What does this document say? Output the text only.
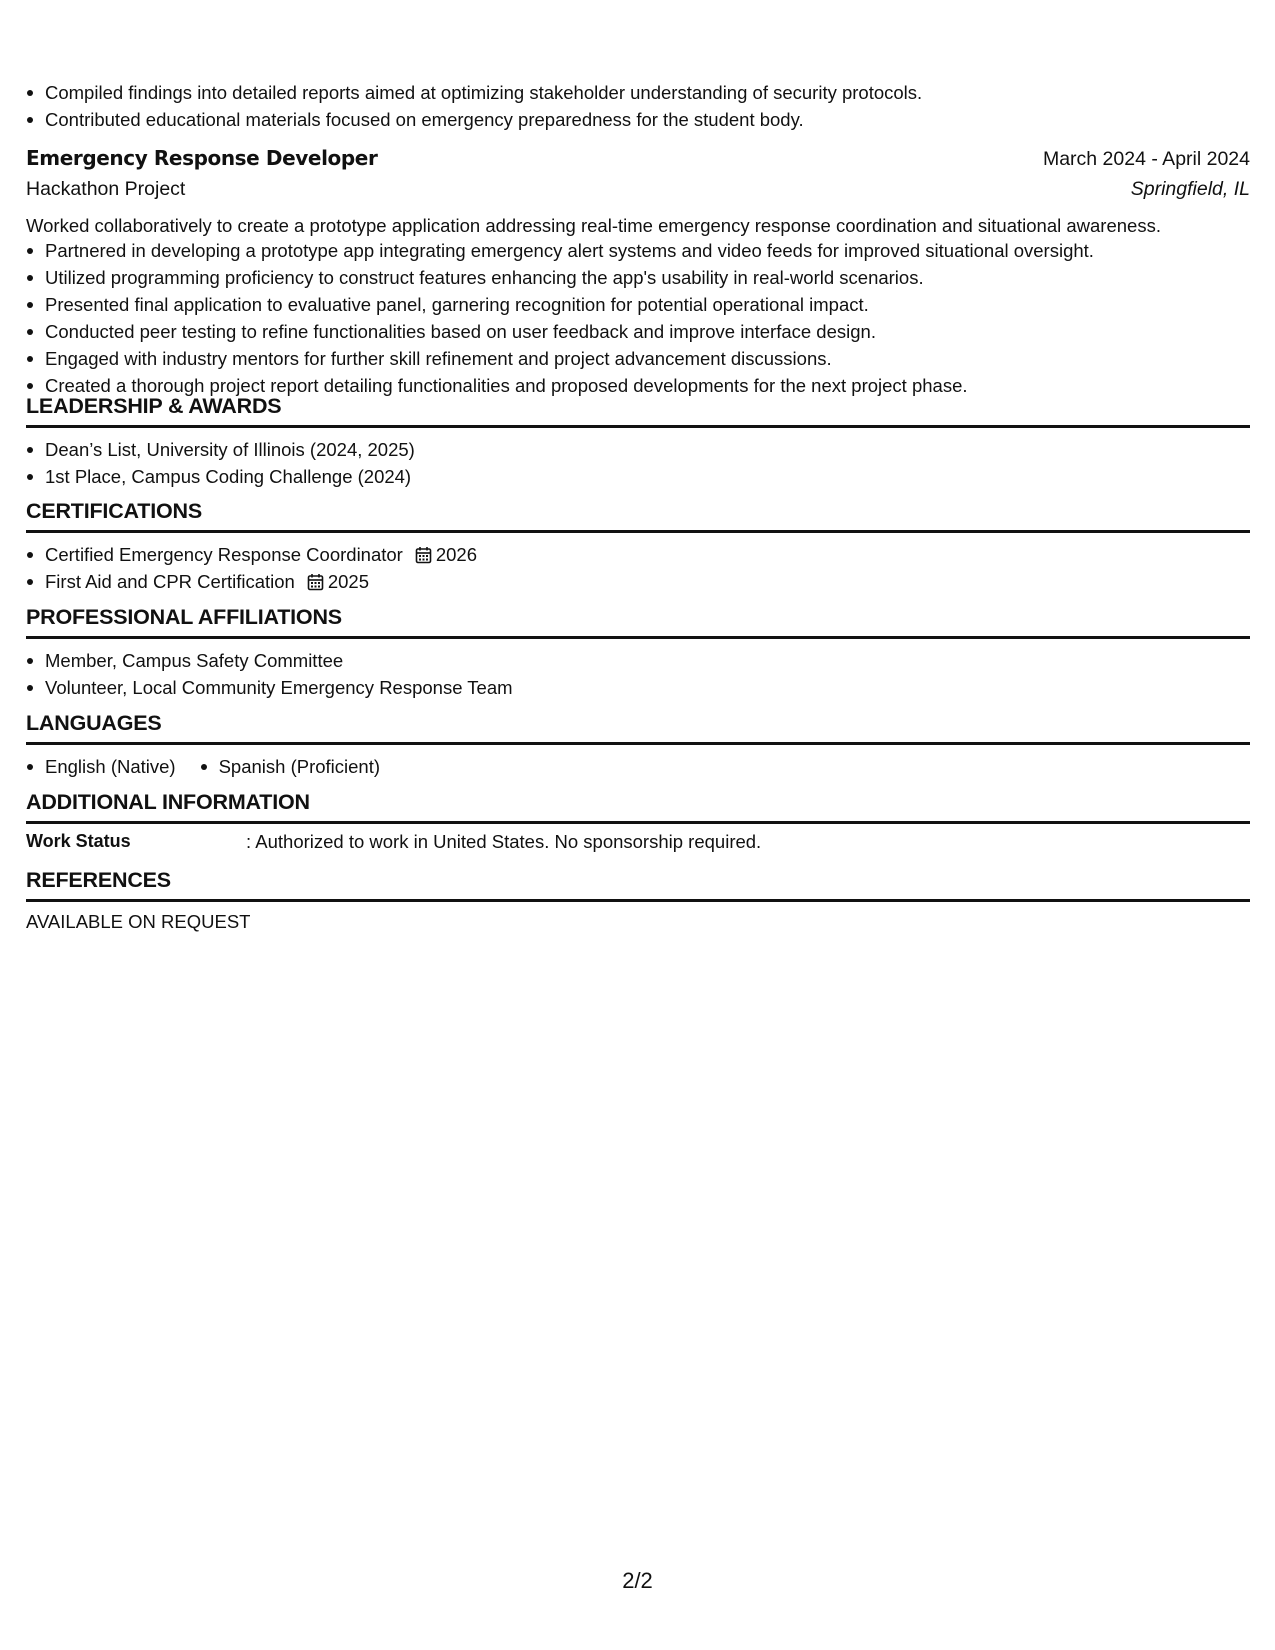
Compiled findings into detailed reports aimed at optimizing stakeholder understanding of security protocols.
Contributed educational materials focused on emergency preparedness for the student body.
Emergency Response Developer	March 2024 - April 2024
Hackathon Project	Springfield, IL
Worked collaboratively to create a prototype application addressing real-time emergency response coordination and situational awareness.
Partnered in developing a prototype app integrating emergency alert systems and video feeds for improved situational oversight.
Utilized programming proficiency to construct features enhancing the app's usability in real-world scenarios.
Presented final application to evaluative panel, garnering recognition for potential operational impact.
Conducted peer testing to refine functionalities based on user feedback and improve interface design.
Engaged with industry mentors for further skill refinement and project advancement discussions.
Created a thorough project report detailing functionalities and proposed developments for the next project phase.
LEADERSHIP & AWARDS
Dean’s List, University of Illinois (2024, 2025)
1st Place, Campus Coding Challenge (2024)
CERTIFICATIONS
Certified Emergency Response Coordinator 2026
First Aid and CPR Certification 2025
PROFESSIONAL AFFILIATIONS
Member, Campus Safety Committee
Volunteer, Local Community Emergency Response Team
LANGUAGES
English (Native)	Spanish (Proficient)
ADDITIONAL INFORMATION
Work Status	: Authorized to work in United States. No sponsorship required.
REFERENCES
AVAILABLE ON REQUEST
2/2
